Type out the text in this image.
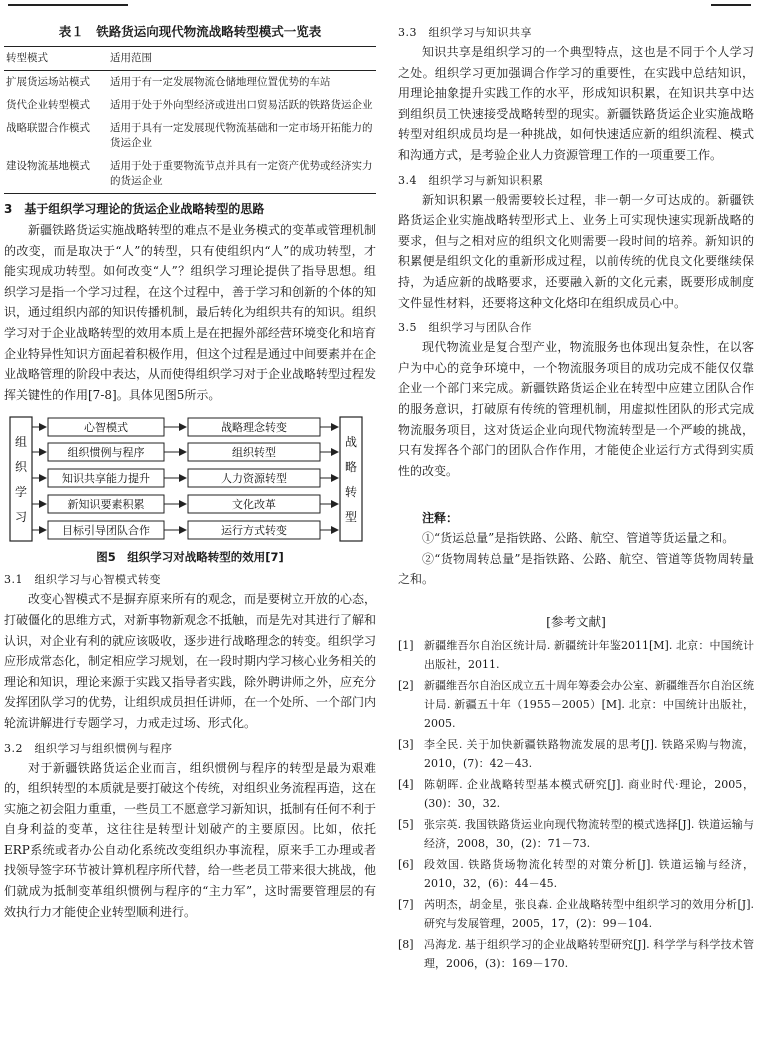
表１　铁路货运向现代物流战略转型模式一览表
转型模式	适用范围
扩展货运场站模式	适用于有一定发展物流仓储地理位置优势的车站
货代企业转型模式	适用于处于外向型经济或进出口贸易活跃的铁路货运企业
战略联盟合作模式	适用于具有一定发展现代物流基础和一定市场开拓能力的货运企业
建设物流基地模式	适用于处于重要物流节点并具有一定资产优势或经济实力的货运企业
3　基于组织学习理论的货运企业战略转型的思路

新疆铁路货运实施战略转型的难点不是业务模式的变革或管理机制的改变，而是取决于“人”的转型，只有使组织内“人”的成功转型，才能实现成功转型。如何改变“人”？组织学习理论提供了指导思想。组织学习是指一个学习过程，在这个过程中，善于学习和创新的个体的知识，通过组织内部的知识传播机制，最后转化为组织共有的知识。组织学习对于企业战略转型的效用本质上是在把握外部经营环境变化和培育企业特异性知识方面起着积极作用，但这个过程是通过中间要素并在企业战略管理的阶段中表达，从而使得组织学习对于企业战略转型过程发挥关键性的作用[7-8]。具体见图5所示。

组
织
学
习
战
略
转
型
心智模式	战略理念转变
组织惯例与程序	组织转型
知识共享能力提升	人力资源转型
新知识要素积累	文化改革
目标引导团队合作	运行方式转变
图5　组织学习对战略转型的效用[7]
3.1　组织学习与心智模式转变

改变心智模式不是摒弃原来所有的观念，而是要树立开放的心态，打破僵化的思维方式，对新事物新观念不抵触，而是先对其进行了解和认识，对企业有利的就应该吸收，逐步进行战略理念的转变。组织学习应形成常态化，制定相应学习规划，在一段时期内学习核心业务相关的理论和知识，理论来源于实践又指导者实践，除外聘讲师之外，应充分发挥团队学习的优势，让组织成员担任讲师，在一个处所、一个部门内轮流讲解进行专题学习，力戒走过场、形式化。

3.2　组织学习与组织惯例与程序

对于新疆铁路货运企业而言，组织惯例与程序的转型是最为艰难的，组织转型的本质就是要打破这个传统，对组织业务流程再造，这在实施之初会阻力重重，一些员工不愿意学习新知识，抵制有任何不利于自身利益的变革，这往往是转型计划破产的主要原因。比如，依托ERP系统或者办公自动化系统改变组织办事流程，原来手工办理或者找领导签字环节被计算机程序所代替，给一些老员工带来很大挑战，他们就成为抵制变革组织惯例与程序的“主力军”，这时需要管理层的有效执行力才能使企业转型顺利进行。

3.3　组织学习与知识共享

知识共享是组织学习的一个典型特点，这也是不同于个人学习之处。组织学习更加强调合作学习的重要性，在实践中总结知识，用理论抽象提升实践工作的水平，形成知识积累，在知识共享中达到组织员工快速接受战略转型的现实。新疆铁路货运企业实施战略转型对组织成员均是一种挑战，如何快速适应新的组织流程、模式和沟通方式，是考验企业人力资源管理工作的一项重要工作。

3.4　组织学习与新知识积累

新知识积累一般需要较长过程，非一朝一夕可达成的。新疆铁路货运企业实施战略转型形式上、业务上可实现快速实现新战略的要求，但与之相对应的组织文化则需要一段时间的培养。新知识的积累便是组织文化的重新形成过程，以前传统的优良文化要继续保持，为适应新的战略要求，还要融入新的文化元素，既要形成制度文件显性材料，还要将这种文化烙印在组织成员心中。

3.5　组织学习与团队合作

现代物流业是复合型产业，物流服务也体现出复杂性，在以客户为中心的竞争环境中，一个物流服务项目的成功完成不能仅仅靠企业一个部门来完成。新疆铁路货运企业在转型中应建立团队合作的服务意识，打破原有传统的管理机制，用虚拟性团队的形式完成物流服务项目，这对货运企业向现代物流转型是一个严峻的挑战，只有发挥各个部门的团队合作作用，才能使企业运行方式得到实质性的改变。

注释：

①“货运总量”是指铁路、公路、航空、管道等货运量之和。

②“货物周转总量”是指铁路、公路、航空、管道等货物周转量之和。

[参考文献]
[1] 新疆维吾尔自治区统计局. 新疆统计年鉴2011[M]. 北京：中国统计出版社，2011.
[2] 新疆维吾尔自治区成立五十周年筹委会办公室、新疆维吾尔自治区统计局. 新疆五十年（1955－2005）[M]. 北京：中国统计出版社，2005.
[3] 李全民. 关于加快新疆铁路物流发展的思考[J]. 铁路采购与物流，2010，(7)：42－43.
[4] 陈朝晖. 企业战略转型基本模式研究[J]. 商业时代·理论，2005，(30)：30，32.
[5] 张宗英. 我国铁路货运业向现代物流转型的模式选择[J]. 铁道运输与经济，2008，30，(2)：71－73.
[6] 段效国. 铁路货场物流化转型的对策分析[J]. 铁道运输与经济，2010，32，(6)：44－45.
[7] 芮明杰，胡金星，张良森. 企业战略转型中组织学习的效用分析[J]. 研究与发展管理，2005，17，(2)：99－104.
[8] 冯海龙. 基于组织学习的企业战略转型研究[J]. 科学学与科学技术管理，2006，(3)：169－170.
